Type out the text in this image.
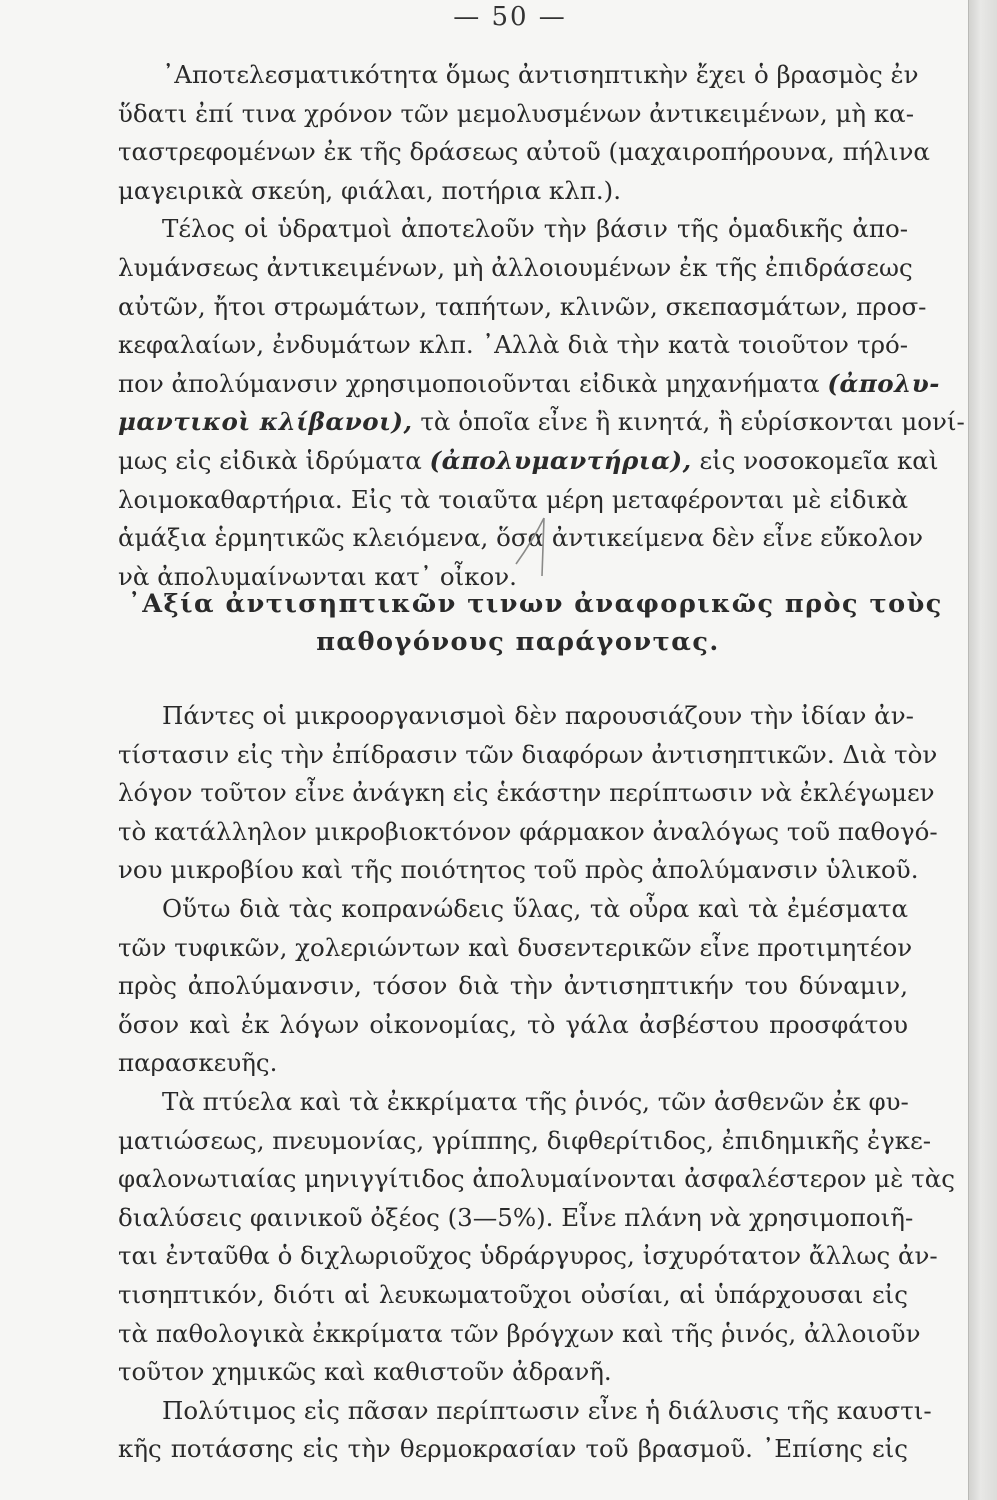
— 50 —
᾿Αποτελεσματικότητα ὅμως ἀντισηπτικὴν ἔχει ὁ βρασμὸς ἐν
ὕδατι ἐπί τινα χρόνον τῶν μεμολυσμένων ἀντικειμένων, μὴ κα-
ταστρεφομένων ἐκ τῆς δράσεως αὐτοῦ (μαχαιροπήρουνα, πήλινα
μαγειρικὰ σκεύη, φιάλαι, ποτήρια κλπ.).
Τέλος οἱ ὑδρατμοὶ ἀποτελοῦν τὴν βάσιν τῆς ὁμαδικῆς ἀπο-
λυμάνσεως ἀντικειμένων, μὴ ἀλλοιουμένων ἐκ τῆς ἐπιδράσεως
αὐτῶν, ἤτοι στρωμάτων, ταπήτων, κλινῶν, σκεπασμάτων, προσ-
κεφαλαίων, ἐνδυμάτων κλπ. ᾿Αλλὰ διὰ τὴν κατὰ τοιοῦτον τρό-
πον ἀπολύμανσιν χρησιμοποιοῦνται εἰδικὰ μηχανήματα (ἀπολυ-
μαντικοὶ κλίβανοι), τὰ ὁποῖα εἶνε ἢ κινητά, ἢ εὑρίσκονται μονί-
μως εἰς εἰδικὰ ἱδρύματα (ἀπολυμαντήρια), εἰς νοσοκομεῖα καὶ
λοιμοκαθαρτήρια. Εἰς τὰ τοιαῦτα μέρη μεταφέρονται μὲ εἰδικὰ
ἁμάξια ἑρμητικῶς κλειόμενα, ὅσα ἀντικείμενα δὲν εἶνε εὔκολον
νὰ ἀπολυμαίνωνται κατ᾿ οἶκον.
᾿Αξία ἀντισηπτικῶν τινων ἀναφορικῶς πρὸς τοὺς
παθογόνους παράγοντας.
Πάντες οἱ μικροοργανισμοὶ δὲν παρουσιάζουν τὴν ἰδίαν ἀν-
τίστασιν εἰς τὴν ἐπίδρασιν τῶν διαφόρων ἀντισηπτικῶν. Διὰ τὸν
λόγον τοῦτον εἶνε ἀνάγκη εἰς ἑκάστην περίπτωσιν νὰ ἐκλέγωμεν
τὸ κατάλληλον μικροβιοκτόνον φάρμακον ἀναλόγως τοῦ παθογό-
νου μικροβίου καὶ τῆς ποιότητος τοῦ πρὸς ἀπολύμανσιν ὑλικοῦ.
Οὕτω διὰ τὰς κοπρανώδεις ὕλας, τὰ οὖρα καὶ τὰ ἐμέσματα
τῶν τυφικῶν, χολεριώντων καὶ δυσεντερικῶν εἶνε προτιμητέον
πρὸς ἀπολύμανσιν, τόσον διὰ τὴν ἀντισηπτικήν του δύναμιν,
ὅσον καὶ ἐκ λόγων οἰκονομίας, τὸ γάλα ἀσβέστου προσφάτου
παρασκευῆς.
Τὰ πτύελα καὶ τὰ ἐκκρίματα τῆς ῥινός, τῶν ἀσθενῶν ἐκ φυ-
ματιώσεως, πνευμονίας, γρίππης, διφθερίτιδος, ἐπιδημικῆς ἐγκε-
φαλονωτιαίας μηνιγγίτιδος ἀπολυμαίνονται ἀσφαλέστερον μὲ τὰς
διαλύσεις φαινικοῦ ὀξέος (3—5%). Εἶνε πλάνη νὰ χρησιμοποιῆ-
ται ἐνταῦθα ὁ διχλωριοῦχος ὑδράργυρος, ἰσχυρότατον ἄλλως ἀν-
τισηπτικόν, διότι αἱ λευκωματοῦχοι οὐσίαι, αἱ ὑπάρχουσαι εἰς
τὰ παθολογικὰ ἐκκρίματα τῶν βρόγχων καὶ τῆς ῥινός, ἀλλοιοῦν
τοῦτον χημικῶς καὶ καθιστοῦν ἀδρανῆ.
Πολύτιμος εἰς πᾶσαν περίπτωσιν εἶνε ἡ διάλυσις τῆς καυστι-
κῆς ποτάσσης εἰς τὴν θερμοκρασίαν τοῦ βρασμοῦ. ᾿Επίσης εἰς
